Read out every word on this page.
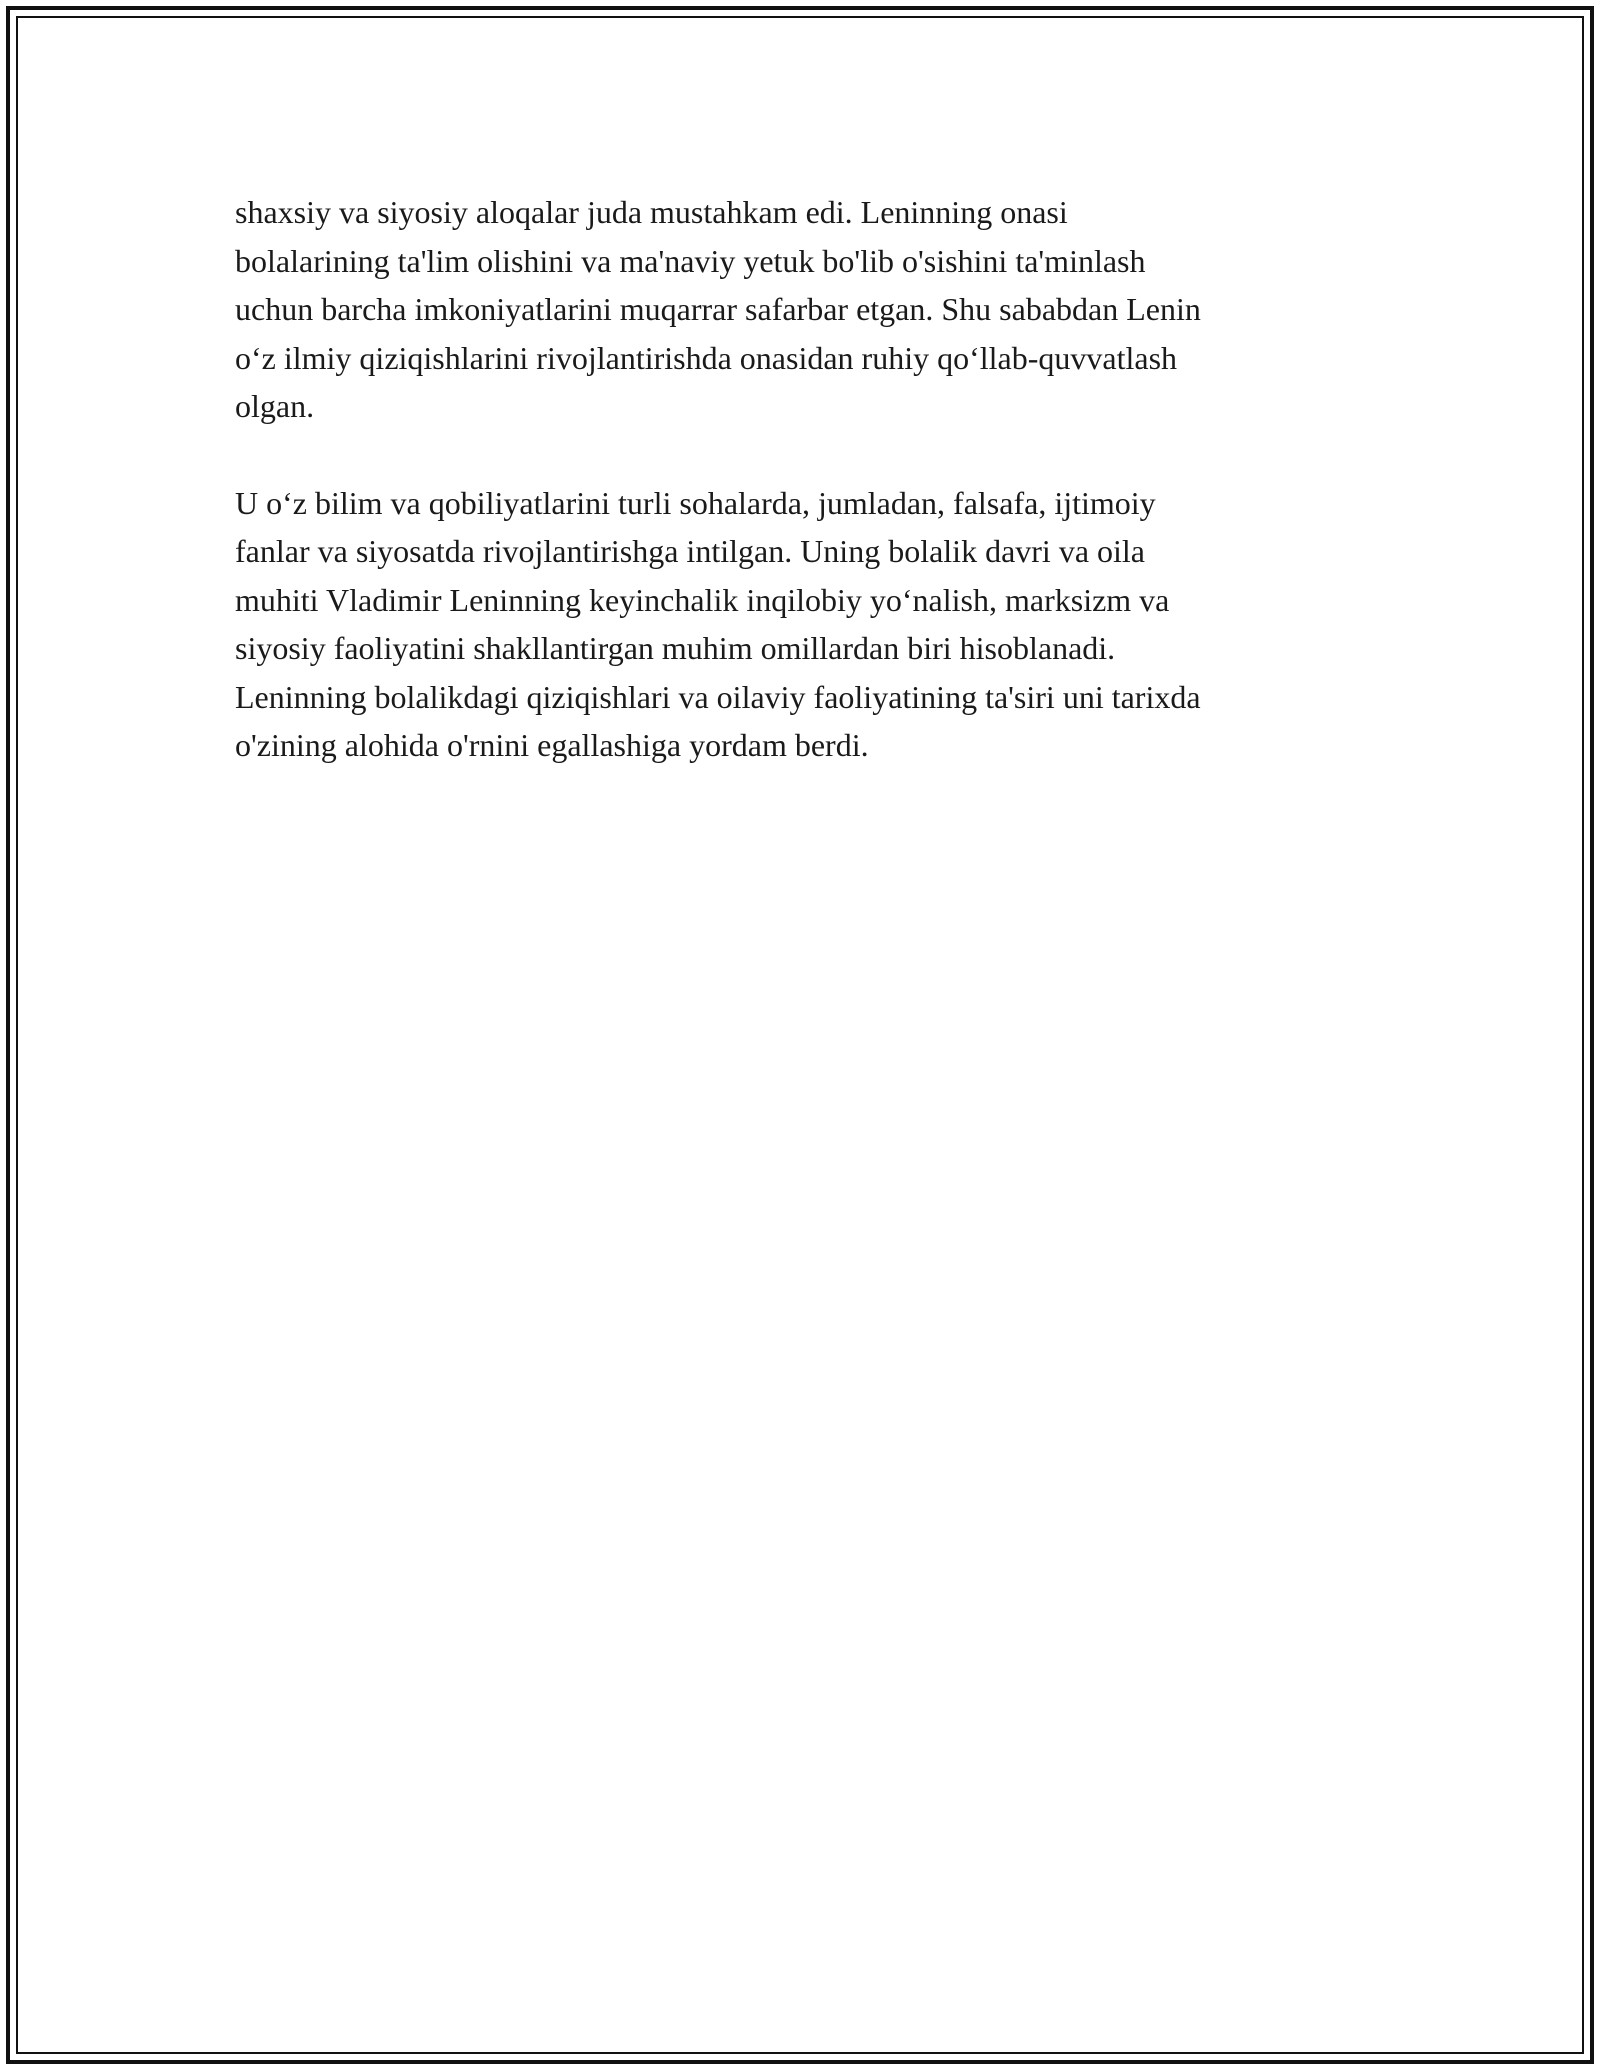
shaxsiy va siyosiy aloqalar juda mustahkam edi. Leninning onasi
bolalarining ta'lim olishini va ma'naviy yetuk bo'lib o'sishini ta'minlash
uchun barcha imkoniyatlarini muqarrar safarbar etgan. Shu sababdan Lenin
o‘z ilmiy qiziqishlarini rivojlantirishda onasidan ruhiy qo‘llab-quvvatlash
olgan.

U o‘z bilim va qobiliyatlarini turli sohalarda, jumladan, falsafa, ijtimoiy
fanlar va siyosatda rivojlantirishga intilgan. Uning bolalik davri va oila
muhiti Vladimir Leninning keyinchalik inqilobiy yo‘nalish, marksizm va
siyosiy faoliyatini shakllantirgan muhim omillardan biri hisoblanadi.
Leninning bolalikdagi qiziqishlari va oilaviy faoliyatining ta'siri uni tarixda
o'zining alohida o'rnini egallashiga yordam berdi.
